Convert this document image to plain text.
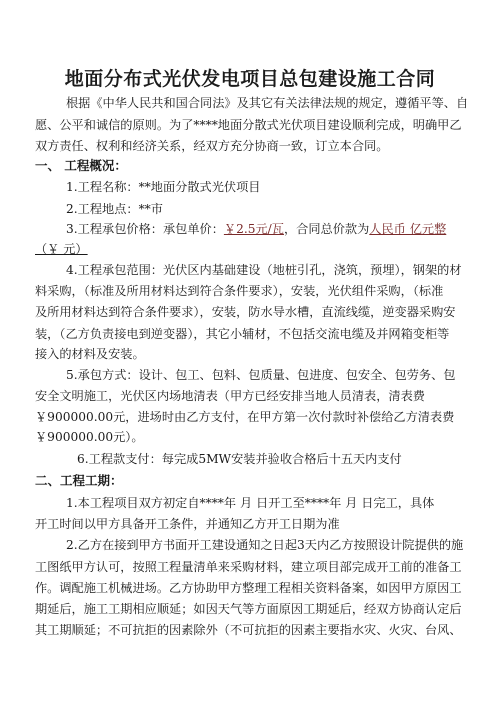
地面分布式光伏发电项目总包建设施工合同
根据《中华人民共和国合同法》及其它有关法律法规的规定，遵循平等、自
愿、公平和诚信的原则。为了****地面分散式光伏项目建设顺利完成，明确甲乙
双方责任、权利和经济关系，经双方充分协商一致，订立本合同。
一、 工程概况：
1.工程名称：**地面分散式光伏项目
2.工程地点：**市
3.工程承包价格：承包单价：￥2.5元/瓦，合同总价款为人民币 亿元整
（￥ 元）
4.工程承包范围：光伏区内基础建设（地桩引孔，浇筑，预埋），钢架的材
料采购，（标准及所用材料达到符合条件要求），安装，光伏组件采购，（标准
及所用材料达到符合条件要求），安装，防水导水槽，直流线缆，逆变器采购安
装，（乙方负责接电到逆变器），其它小辅材，不包括交流电缆及并网箱变柜等
接入的材料及安装。
5.承包方式：设计、包工、包料、包质量、包进度、包安全、包劳务、包
安全文明施工，光伏区内场地清表（甲方已经安排当地人员清表，清表费
￥900000.00元，进场时由乙方支付，在甲方第一次付款时补偿给乙方清表费
￥900000.00元）。
6.工程款支付：每完成5MW安装并验收合格后十五天内支付
二、工程工期：
1.本工程项目双方初定自****年 月 日开工至****年 月 日完工，具体
开工时间以甲方具备开工条件，并通知乙方开工日期为准
2.乙方在接到甲方书面开工建设通知之日起3天内乙方按照设计院提供的施
工图纸甲方认可，按照工程量清单来采购材料，建立项目部完成开工前的准备工
作。调配施工机械进场。乙方协助甲方整理工程相关资料备案，如因甲方原因工
期延后，施工工期相应顺延；如因天气等方面原因工期延后，经双方协商认定后
其工期顺延；不可抗拒的因素除外（不可抗拒的因素主要指水灾、火灾、台风、
